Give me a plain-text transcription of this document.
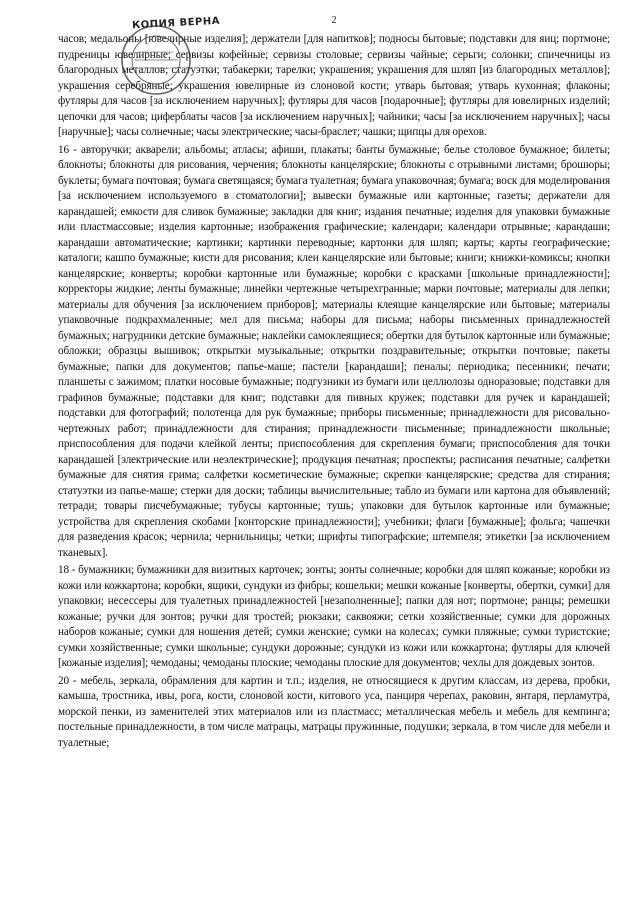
2

часов; медальоны [ювелирные изделия]; держатели [для напитков]; подносы бытовые; подставки для яиц; портмоне; пудреницы ювелирные; сервизы кофейные; сервизы столовые; сервизы чайные; серьги; солонки; спичечницы из благородных металлов; статуэтки; табакерки; тарелки; украшения; украшения для шляп [из благородных металлов]; украшения серебряные; украшения ювелирные из слоновой кости; утварь бытовая; утварь кухонная; флаконы; футляры для часов [за исключением наручных]; футляры для часов [подарочные]; футляры для ювелирных изделий; цепочки для часов; циферблаты часов [за исключением наручных]; чайники; часы [за исключением наручных]; часы [наручные]; часы солнечные; часы электрические; часы-браслет; чашки; щипцы для орехов.

16 - авторучки; акварели; альбомы; атласы; афиши, плакаты; банты бумажные; белье столовое бумажное; билеты; блокноты; блокноты для рисования, черчения; блокноты канцелярские; блокноты с отрывными листами; брошюры; буклеты; бумага почтовая; бумага светящаяся; бумага туалетная; бумага упаковочная; бумага; воск для моделирования [за исключением используемого в стоматологии]; вывески бумажные или картонные; газеты; держатели для карандашей; емкости для сливок бумажные; закладки для книг; издания печатные; изделия для упаковки бумажные или пластмассовые; изделия картонные; изображения графические; календари; календари отрывные; карандаши; карандаши автоматические; картинки; картинки переводные; картонки для шляп; карты; карты географические; каталоги; кашпо бумажные; кисти для рисования; клеи канцелярские или бытовые; книги; книжки-комиксы; кнопки канцелярские; конверты; коробки картонные или бумажные; коробки с красками [школьные принадлежности]; корректоры жидкие; ленты бумажные; линейки чертежные четырехгранные; марки почтовые; материалы для лепки; материалы для обучения [за исключением приборов]; материалы клеящие канцелярские или бытовые; материалы упаковочные подкрахмаленные; мел для письма; наборы для письма; наборы письменных принадлежностей бумажных; нагрудники детские бумажные; наклейки самоклеящиеся; обертки для бутылок картонные или бумажные; обложки; образцы вышивок; открытки музыкальные; открытки поздравительные; открытки почтовые; пакеты бумажные; папки для документов; папье-маше; пастели [карандаши]; пеналы; периодика; песенники; печати; планшеты с зажимом; платки носовые бумажные; подгузники из бумаги или целлюлозы одноразовые; подставки для графинов бумажные; подставки для книг; подставки для пивных кружек; подставки для ручек и карандашей; подставки для фотографий; полотенца для рук бумажные; приборы письменные; принадлежности для рисовально-чертежных работ; принадлежности для стирания; принадлежности письменные; принадлежности школьные; приспособления для подачи клейкой ленты; приспособления для скрепления бумаги; приспособления для точки карандашей [электрические или неэлектрические]; продукция печатная; проспекты; расписания печатные; салфетки бумажные для снятия грима; салфетки косметические бумажные; скрепки канцелярские; средства для стирания; статуэтки из папье-маше; стерки для доски; таблицы вычислительные; табло из бумаги или картона для объявлений; тетради; товары писчебумажные; тубусы картонные; тушь; упаковки для бутылок картонные или бумажные; устройства для скрепления скобами [конторские принадлежности]; учебники; флаги [бумажные]; фольга; чашечки для разведения красок; чернила; чернильницы; четки; шрифты типографские; штемпеля; этикетки [за исключением тканевых].

18 - бумажники; бумажники для визитных карточек; зонты; зонты солнечные; коробки для шляп кожаные; коробки из кожи или кожкартона; коробки, ящики, сундуки из фибры; кошельки; мешки кожаные [конверты, обертки, сумки] для упаковки; несессеры для туалетных принадлежностей [незаполненные]; папки для нот; портмоне; ранцы; ремешки кожаные; ручки для зонтов; ручки для тростей; рюкзаки; саквояжи; сетки хозяйственные; сумки для дорожных наборов кожаные; сумки для ношения детей; сумки женские; сумки на колесах; сумки пляжные; сумки туристские; сумки хозяйственные; сумки школьные; сундуки дорожные; сундуки из кожи или кожкартона; футляры для ключей [кожаные изделия]; чемоданы; чемоданы плоские; чемоданы плоские для документов; чехлы для дождевых зонтов.

20 - мебель, зеркала, обрамления для картин и т.п.; изделия, не относящиеся к другим классам, из дерева, пробки, камыша, тростника, ивы, рога, кости, слоновой кости, китового уса, панциря черепах, раковин, янтаря, перламутра, морской пенки, из заменителей этих материалов или из пластмасс; металлическая мебель и мебель для кемпинга; постельные принадлежности, в том числе матрацы, матрацы пружинные, подушки; зеркала, в том числе для мебели и туалетные;

КОПИЯ ВЕРНА
